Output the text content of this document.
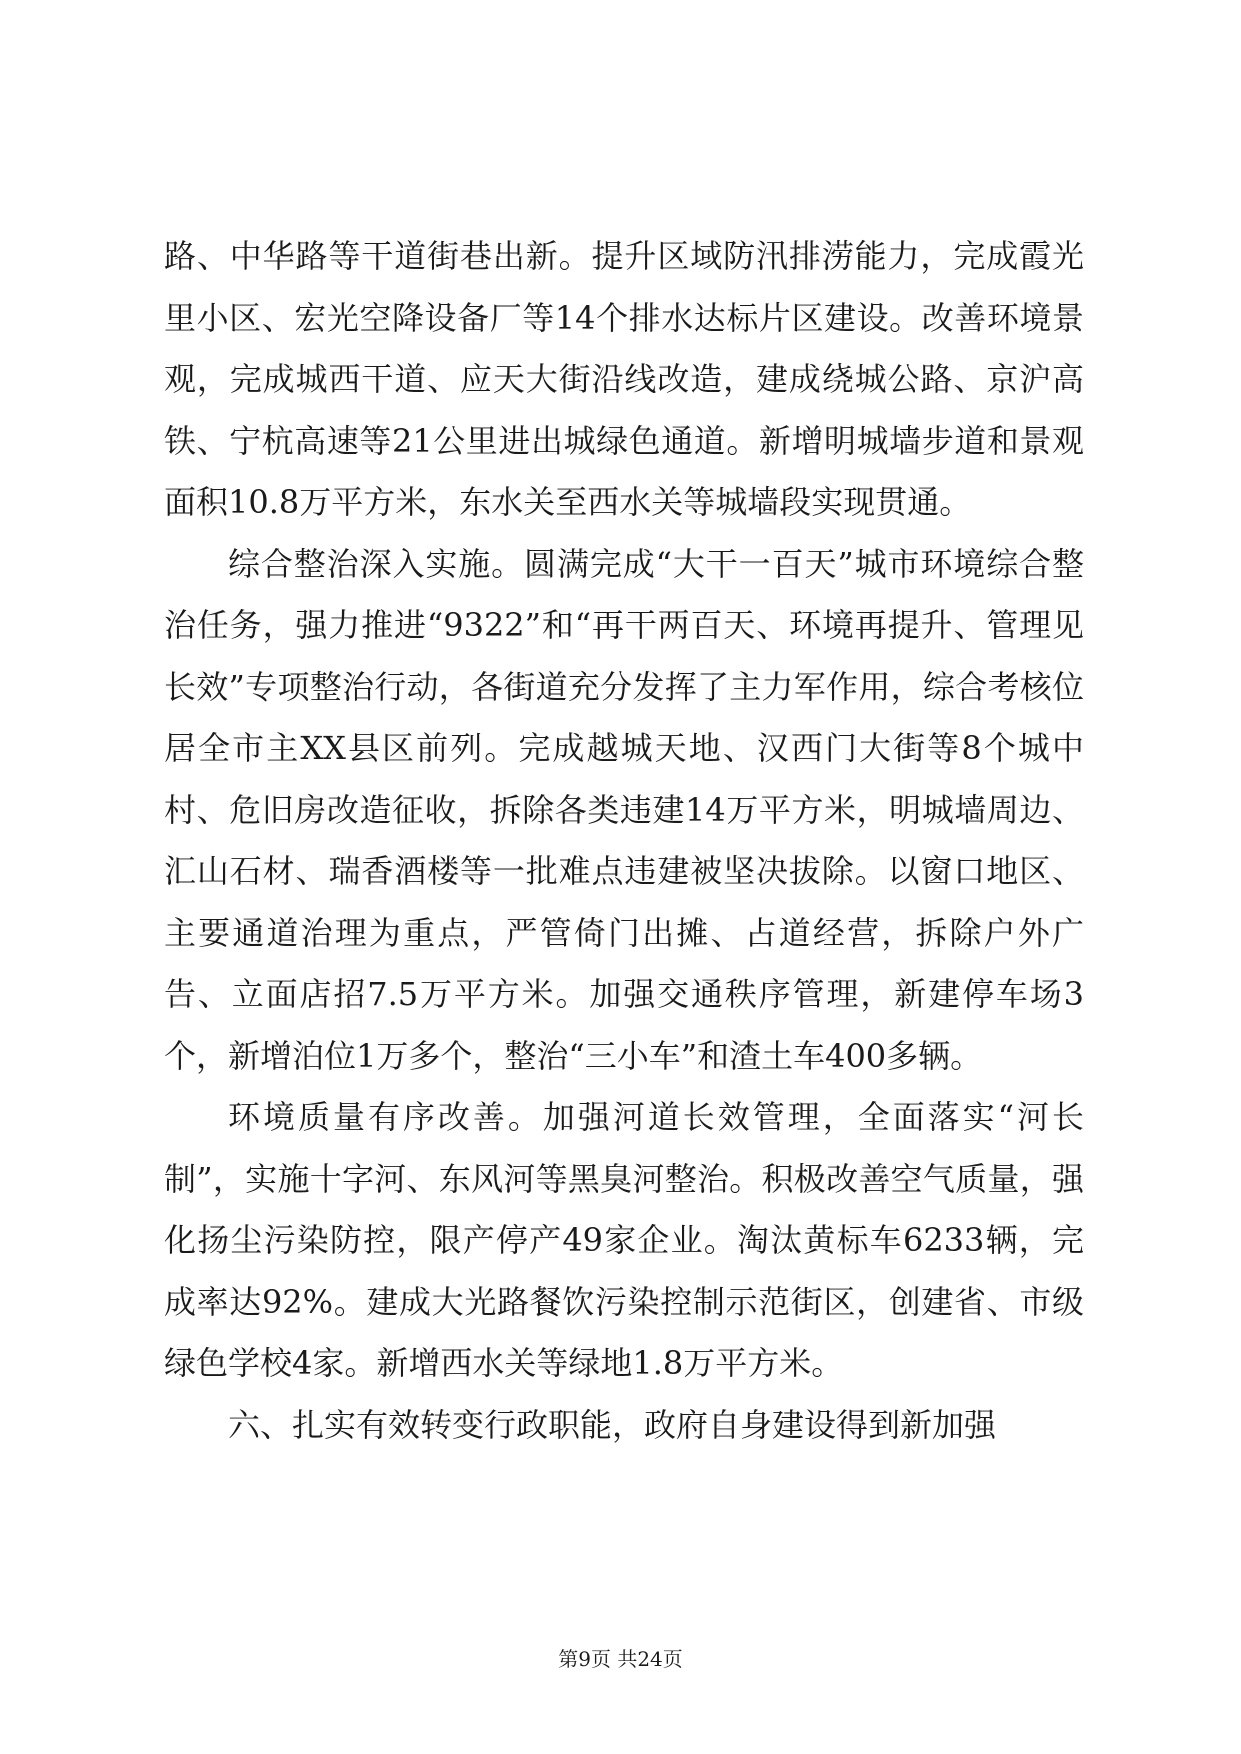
路、中华路等干道街巷出新。提升区域防汛排涝能力，完成霞光里小区、宏光空降设备厂等14个排水达标片区建设。改善环境景观，完成城西干道、应天大街沿线改造，建成绕城公路、京沪高铁、宁杭高速等21公里进出城绿色通道。新增明城墙步道和景观面积10.8万平方米，东水关至西水关等城墙段实现贯通。

综合整治深入实施。圆满完成“大干一百天”城市环境综合整治任务，强力推进“9322”和“再干两百天、环境再提升、管理见长效”专项整治行动，各街道充分发挥了主力军作用，综合考核位居全市主XX县区前列。完成越城天地、汉西门大街等8个城中村、危旧房改造征收，拆除各类违建14万平方米，明城墙周边、汇山石材、瑞香酒楼等一批难点违建被坚决拔除。以窗口地区、主要通道治理为重点，严管倚门出摊、占道经营，拆除户外广告、立面店招7.5万平方米。加强交通秩序管理，新建停车场3个，新增泊位1万多个，整治“三小车”和渣土车400多辆。

环境质量有序改善。加强河道长效管理，全面落实“河长制”，实施十字河、东风河等黑臭河整治。积极改善空气质量，强化扬尘污染防控，限产停产49家企业。淘汰黄标车6233辆，完成率达92%。建成大光路餐饮污染控制示范街区，创建省、市级绿色学校4家。新增西水关等绿地1.8万平方米。

六、扎实有效转变行政职能，政府自身建设得到新加强

第9页 共24页
